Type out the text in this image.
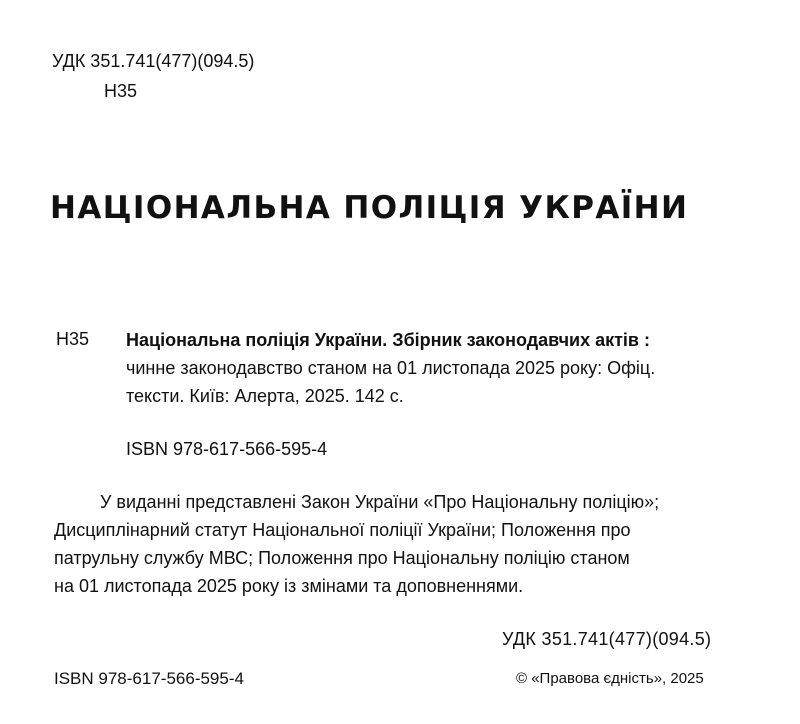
УДК 351.741(477)(094.5)
Н35
НАЦІОНАЛЬНА ПОЛІЦІЯ УКРАЇНИ
Н35 Національна поліція України. Збірник законодавчих актів :
чинне законодавство станом на 01 листопада 2025 року: Офіц.
тексти. Київ: Алерта, 2025. 142 с.
ISBN 978-617-566-595-4
У виданні представлені Закон України «Про Національну поліцію»;
Дисциплінарний статут Національної поліції України; Положення про
патрульну службу МВС; Положення про Національну поліцію станом
на 01 листопада 2025 року із змінами та доповненнями.
УДК 351.741(477)(094.5)
ISBN 978-617-566-595-4	© «Правова єдність», 2025
